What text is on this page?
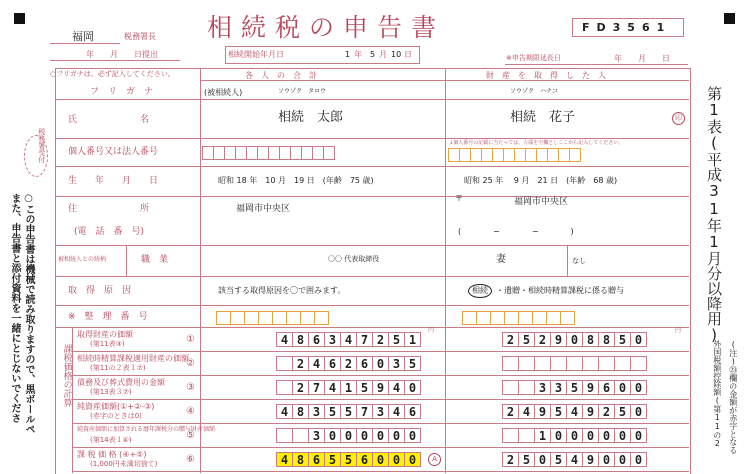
福岡	税務署長
年　　月　　日提出
○フリガナは、必ず記入してください。
相続税の申告書	FD3561
相続開始年月日	1 年 5 月 10 日	※申告期限延長日	年　　月　　日
各　人　の　合　計	財　産　を　取　得　し　た　人
(被相続人)
フ　リ　ガ　ナ	ソウゾク　タロウ	ソウゾク　ハナコ
氏　　　　　　　名	相続　太郎	相続　花子	印
個人番号又は法人番号
↓個人番号の記載に当たっては、左端を空欄としここから記入してください。
生　　年　　月　　日	昭和 18 年　10 月　19 日　(年齢　75 歳)	昭和 25 年　 9 月　21 日　(年齢　68 歳)
住　　　　　　　所
(電　話　番　号)
福岡市中央区
〒	福岡市中央区
(　　　　−　　　　−　　　　)
被相続人との続柄	職　業	〇〇 代表取締役	妻	なし
取　得　原　因	該当する取得原因を〇で囲みます。	相続	・遺贈・相続時精算課税に係る贈与
※　整　理　番　号
課税価格の計算
取得財産の価額
(第11表③)	①	4 8 6 3 4 7 2 5 1	2 5 2 9 0 8 8 5 0
円	円
相続時精算課税適用財産の価額
(第11の２表１⑦)	②	2 4 6 2 6 0 3 5
債務及び葬式費用の金額
(第13表３⑦)	③	2 7 4 1 5 9 4 0	3 3 5 9 6 0 0
純資産価額(①+②-③)
(赤字のときは0)	④	4 8 3 5 5 7 3 4 6	2 4 9 5 4 9 2 5 0
純資産価額に加算される暦年課税分の贈与財産価額
(第14表１④)	⑤	3 0 0 0 0 0 0	1 0 0 0 0 0 0
課 税 価 格 (④+⑤)
(1,000円未満切捨て)	⑥	4 8 6 5 5 6 0 0 0	2 5 0 5 4 9 0 0 0
A
税務署受付
○この申告書は機械で読み取りますので、黒ボールペ
また、申告書と添付資料を一緒にとじないでくださ	第1表(平成31年1月分以降用)
(注)㉓欄の金額が赤字となる
外国税額控除額(第11の2
